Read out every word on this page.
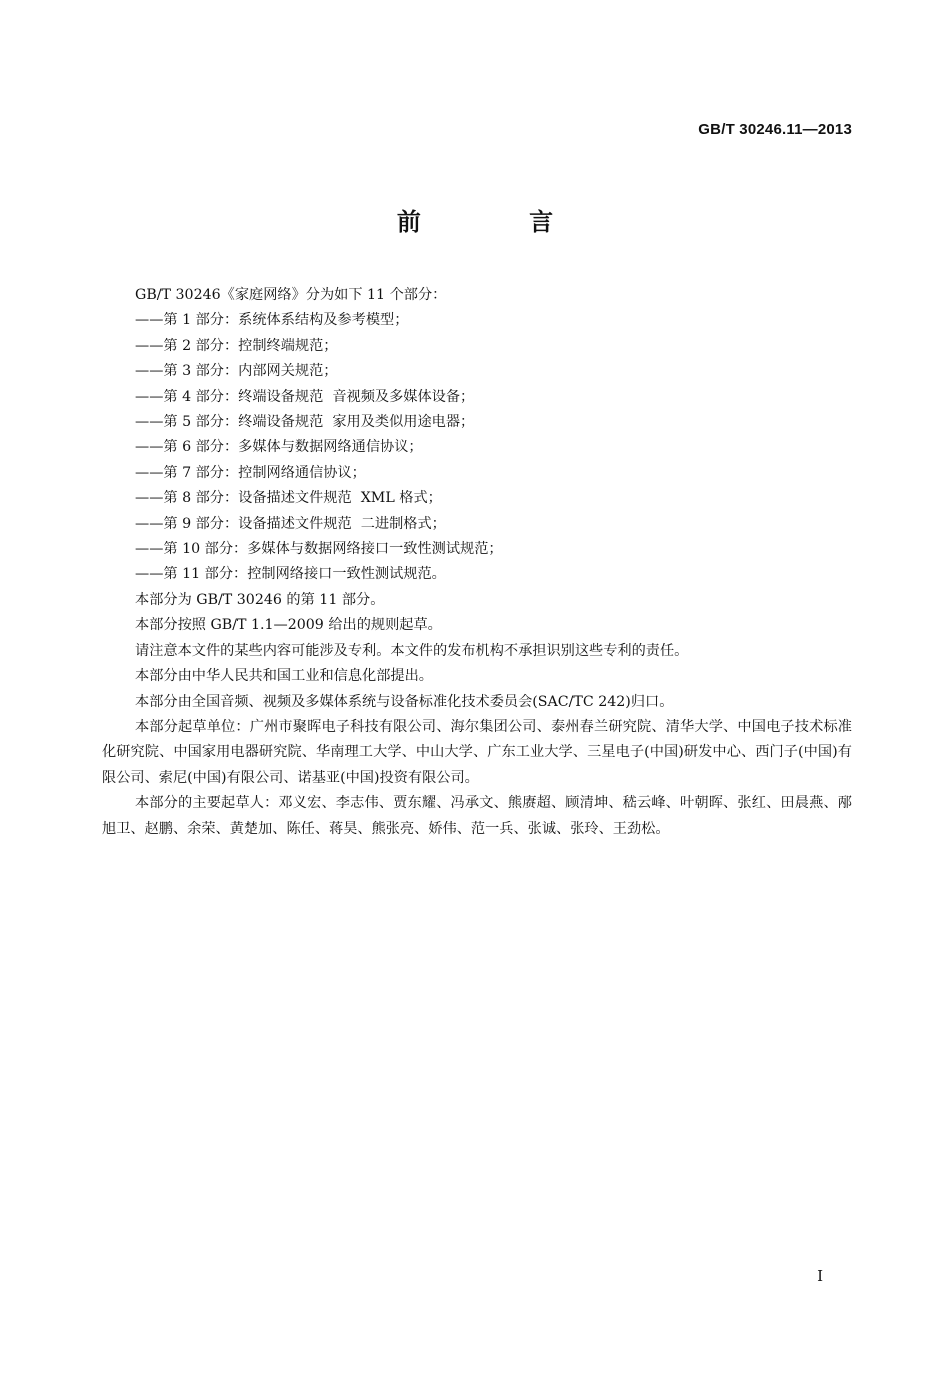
GB/T 30246.11—2013
前 言

GB/T 30246《家庭网络》分为如下 11 个部分：

——第 1 部分：系统体系结构及参考模型；
——第 2 部分：控制终端规范；
——第 3 部分：内部网关规范；
——第 4 部分：终端设备规范  音视频及多媒体设备；
——第 5 部分：终端设备规范  家用及类似用途电器；
——第 6 部分：多媒体与数据网络通信协议；
——第 7 部分：控制网络通信协议；
——第 8 部分：设备描述文件规范  XML 格式；
——第 9 部分：设备描述文件规范  二进制格式；
——第 10 部分：多媒体与数据网络接口一致性测试规范；
——第 11 部分：控制网络接口一致性测试规范。

本部分为 GB/T 30246 的第 11 部分。

本部分按照 GB/T 1.1—2009 给出的规则起草。

请注意本文件的某些内容可能涉及专利。本文件的发布机构不承担识别这些专利的责任。

本部分由中华人民共和国工业和信息化部提出。

本部分由全国音频、视频及多媒体系统与设备标准化技术委员会(SAC/TC 242)归口。

本部分起草单位：广州市聚晖电子科技有限公司、海尔集团公司、泰州春兰研究院、清华大学、中国电子技术标准化研究院、中国家用电器研究院、华南理工大学、中山大学、广东工业大学、三星电子(中国)研发中心、西门子(中国)有限公司、索尼(中国)有限公司、诺基亚(中国)投资有限公司。

本部分的主要起草人：邓义宏、李志伟、贾东耀、冯承文、熊赓超、顾清坤、嵇云峰、叶朝晖、张红、田晨燕、邴旭卫、赵鹏、余荣、黄楚加、陈任、蒋昊、熊张亮、娇伟、范一兵、张诚、张玲、王劲松。

I
